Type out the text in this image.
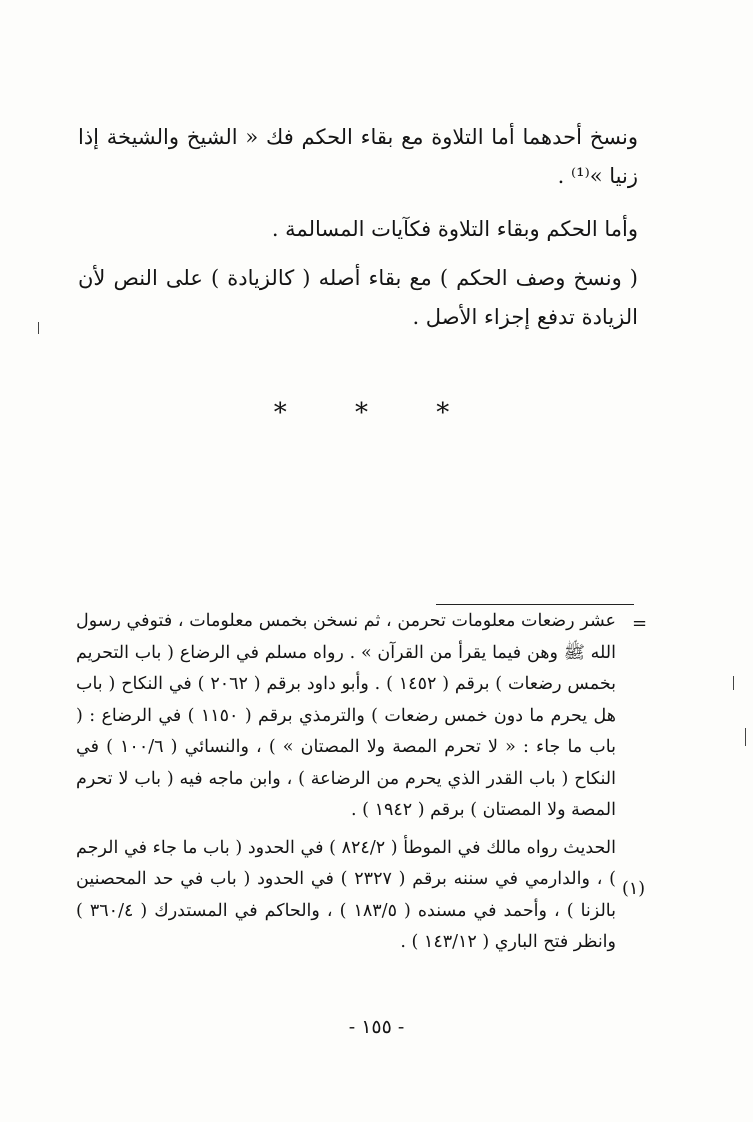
ونسخ أحدهما أما التلاوة مع بقاء الحكم فك « الشيخ والشيخة إذا زنيا »⁽¹⁾ .

وأما الحكم وبقاء التلاوة فكآيات المسالمة .

( ونسخ وصف الحكم ) مع بقاء أصله ( كالزيادة ) على النص لأن الزيادة تدفع إجزاء الأصل .

* * *
=

عشر رضعات معلومات تحرمن ، ثم نسخن بخمس معلومات ، فتوفي رسول الله ﷺ وهن فيما يقرأ من القرآن » . رواه مسلم في الرضاع ( باب التحريم بخمس رضعات ) برقم ( ١٤٥٢ ) . وأبو داود برقم ( ٢٠٦٢ ) في النكاح ( باب هل يحرم ما دون خمس رضعات ) والترمذي برقم ( ١١٥٠ ) في الرضاع : ( باب ما جاء : « لا تحرم المصة ولا المصتان » ) ، والنسائي ( ١٠٠/٦ ) في النكاح ( باب القدر الذي يحرم من الرضاعة ) ، وابن ماجه فيه ( باب لا تحرم المصة ولا المصتان ) برقم ( ١٩٤٢ ) .

الحديث رواه مالك في الموطأ ( ٨٢٤/٢ ) في الحدود ( باب ما جاء في الرجم ) ، والدارمي في سننه برقم ( ٢٣٢٧ ) في الحدود ( باب في حد المحصنين بالزنا ) ، وأحمد في مسنده ( ١٨٣/٥ ) ، والحاكم في المستدرك ( ٣٦٠/٤ ) وانظر فتح الباري ( ١٤٣/١٢ ) .

(١)
- ١٥٥ -
